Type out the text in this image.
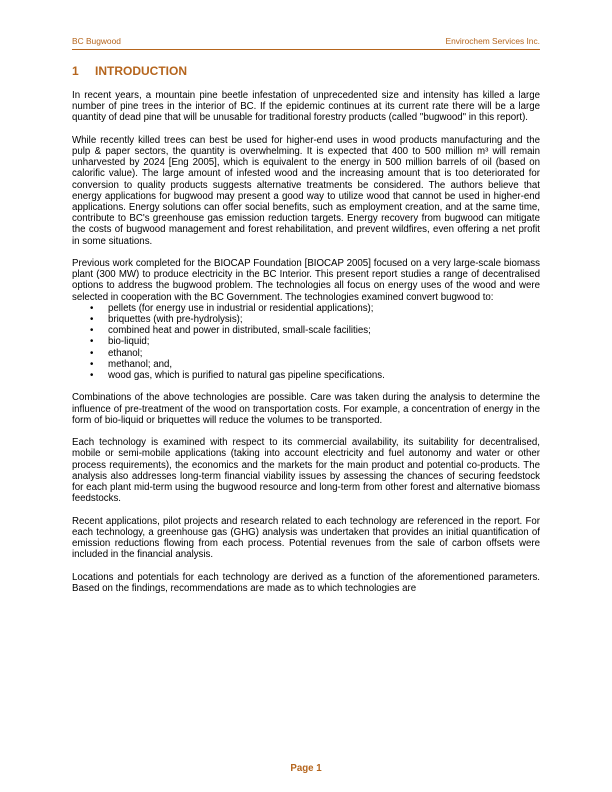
BC Bugwood	Envirochem Services Inc.
1 INTRODUCTION

In recent years, a mountain pine beetle infestation of unprecedented size and intensity has killed a large number of pine trees in the interior of BC. If the epidemic continues at its current rate there will be a large quantity of dead pine that will be unusable for traditional forestry products (called "bugwood" in this report).

While recently killed trees can best be used for higher-end uses in wood products manufacturing and the pulp & paper sectors, the quantity is overwhelming. It is expected that 400 to 500 million m³ will remain unharvested by 2024 [Eng 2005], which is equivalent to the energy in 500 million barrels of oil (based on calorific value). The large amount of infested wood and the increasing amount that is too deteriorated for conversion to quality products suggests alternative treatments be considered. The authors believe that energy applications for bugwood may present a good way to utilize wood that cannot be used in higher-end applications. Energy solutions can offer social benefits, such as employment creation, and at the same time, contribute to BC's greenhouse gas emission reduction targets. Energy recovery from bugwood can mitigate the costs of bugwood management and forest rehabilitation, and prevent wildfires, even offering a net profit in some situations.

Previous work completed for the BIOCAP Foundation [BIOCAP 2005] focused on a very large-scale biomass plant (300 MW) to produce electricity in the BC Interior. This present report studies a range of decentralised options to address the bugwood problem. The technologies all focus on energy uses of the wood and were selected in cooperation with the BC Government. The technologies examined convert bugwood to:

• pellets (for energy use in industrial or residential applications);
• briquettes (with pre-hydrolysis);
• combined heat and power in distributed, small-scale facilities;
• bio-liquid;
• ethanol;
• methanol; and,
• wood gas, which is purified to natural gas pipeline specifications.

Combinations of the above technologies are possible. Care was taken during the analysis to determine the influence of pre-treatment of the wood on transportation costs. For example, a concentration of energy in the form of bio-liquid or briquettes will reduce the volumes to be transported.

Each technology is examined with respect to its commercial availability, its suitability for decentralised, mobile or semi-mobile applications (taking into account electricity and fuel autonomy and water or other process requirements), the economics and the markets for the main product and potential co-products. The analysis also addresses long-term financial viability issues by assessing the chances of securing feedstock for each plant mid-term using the bugwood resource and long-term from other forest and alternative biomass feedstocks.

Recent applications, pilot projects and research related to each technology are referenced in the report. For each technology, a greenhouse gas (GHG) analysis was undertaken that provides an initial quantification of emission reductions flowing from each process. Potential revenues from the sale of carbon offsets were included in the financial analysis.

Locations and potentials for each technology are derived as a function of the aforementioned parameters. Based on the findings, recommendations are made as to which technologies are

Page 1
